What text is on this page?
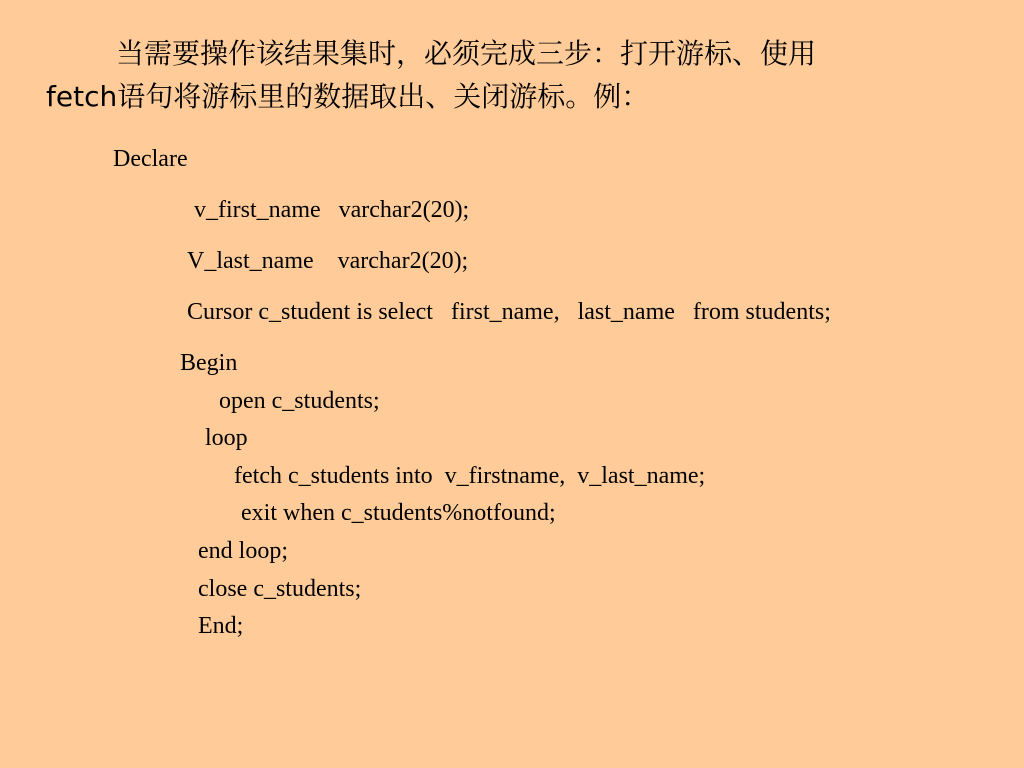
当需要操作该结果集时，必须完成三步：打开游标、使用
fetch语句将游标里的数据取出、关闭游标。例：
Declare
v_first_name   varchar2(20);
V_last_name    varchar2(20);
Cursor c_student is select   first_name,   last_name   from students;
Begin
open c_students;
loop
fetch c_students into  v_firstname,  v_last_name;
exit when c_students%notfound;
end loop;
close c_students;
End;
